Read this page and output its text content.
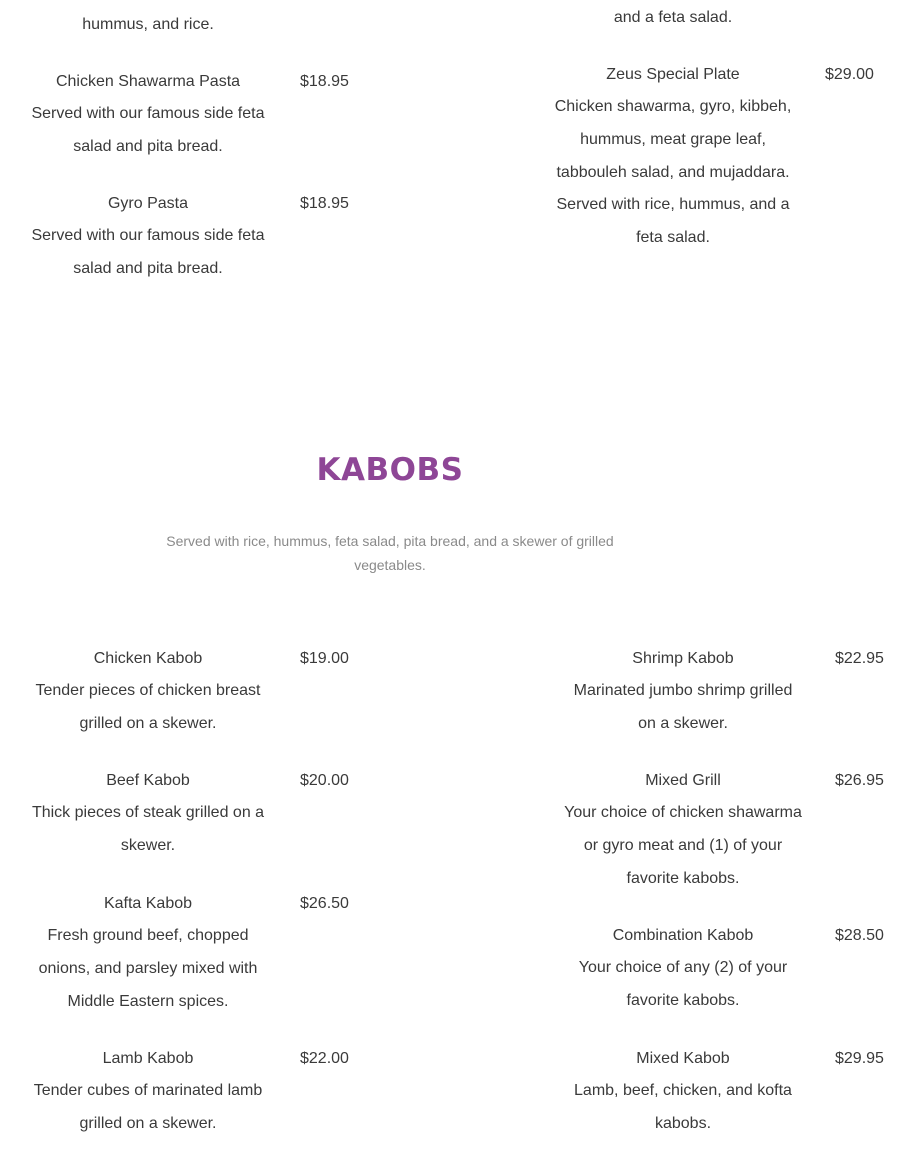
hummus, and rice.	and a feta salad.
Chicken Shawarma Pasta
Served with our famous side feta salad and pita bread.
$18.95
Gyro Pasta
Served with our famous side feta salad and pita bread.
$18.95
Zeus Special Plate
Chicken shawarma, gyro, kibbeh, hummus, meat grape leaf, tabbouleh salad, and mujaddara. Served with rice, hummus, and a feta salad.
$29.00
KABOBS
Served with rice, hummus, feta salad, pita bread, and a skewer of grilled vegetables.
Chicken Kabob
Tender pieces of chicken breast grilled on a skewer.
$19.00
Beef Kabob
Thick pieces of steak grilled on a skewer.
$20.00
Kafta Kabob
Fresh ground beef, chopped onions, and parsley mixed with Middle Eastern spices.
$26.50
Lamb Kabob
Tender cubes of marinated lamb grilled on a skewer.
$22.00
Shrimp Kabob
Marinated jumbo shrimp grilled on a skewer.
$22.95
Mixed Grill
Your choice of chicken shawarma or gyro meat and (1) of your favorite kabobs.
$26.95
Combination Kabob
Your choice of any (2) of your favorite kabobs.
$28.50
Mixed Kabob
Lamb, beef, chicken, and kofta kabobs.
$29.95
